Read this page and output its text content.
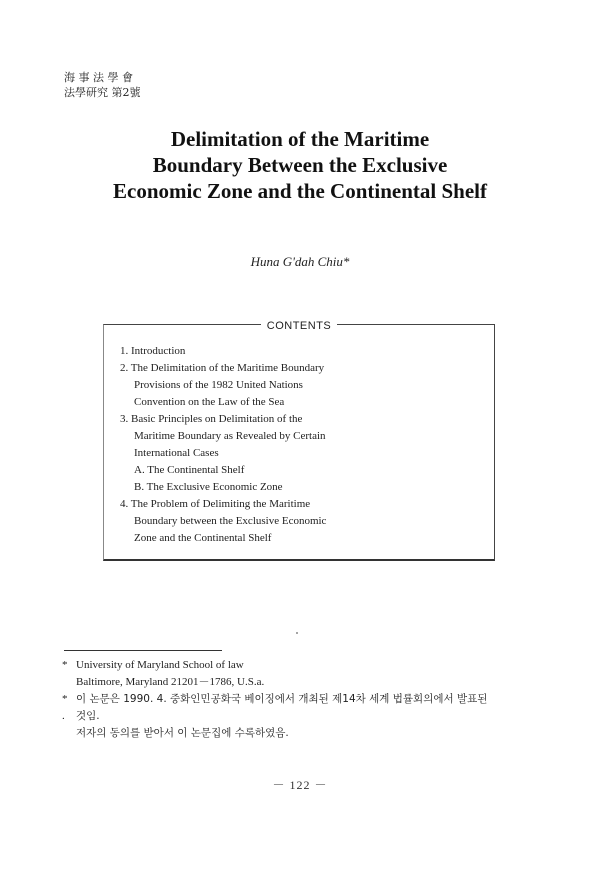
海 事 法 學 會
法學研究 第2號
Delimitation of the Maritime
Boundary Between the Exclusive
Economic Zone and the Continental Shelf
Huna G'dah Chiu*
CONTENTS
1. Introduction
2. The Delimitation of the Maritime Boundary
Provisions of the 1982 United Nations
Convention on the Law of the Sea
3. Basic Principles on Delimitation of the
Maritime Boundary as Revealed by Certain
International Cases
A. The Continental Shelf
B. The Exclusive Economic Zone
4. The Problem of Delimiting the Maritime
Boundary between the Exclusive Economic
Zone and the Continental Shelf
* University of Maryland School of law
Baltimore, Maryland 21201－1786, U.S.a.
* 이 논문은 1990. 4. 중화인민공화국 베이징에서 개최된 제14차 세계 법률회의에서 발표된
. 것임.
저자의 동의를 받아서 이 논문집에 수록하였음.
－ 122 －
